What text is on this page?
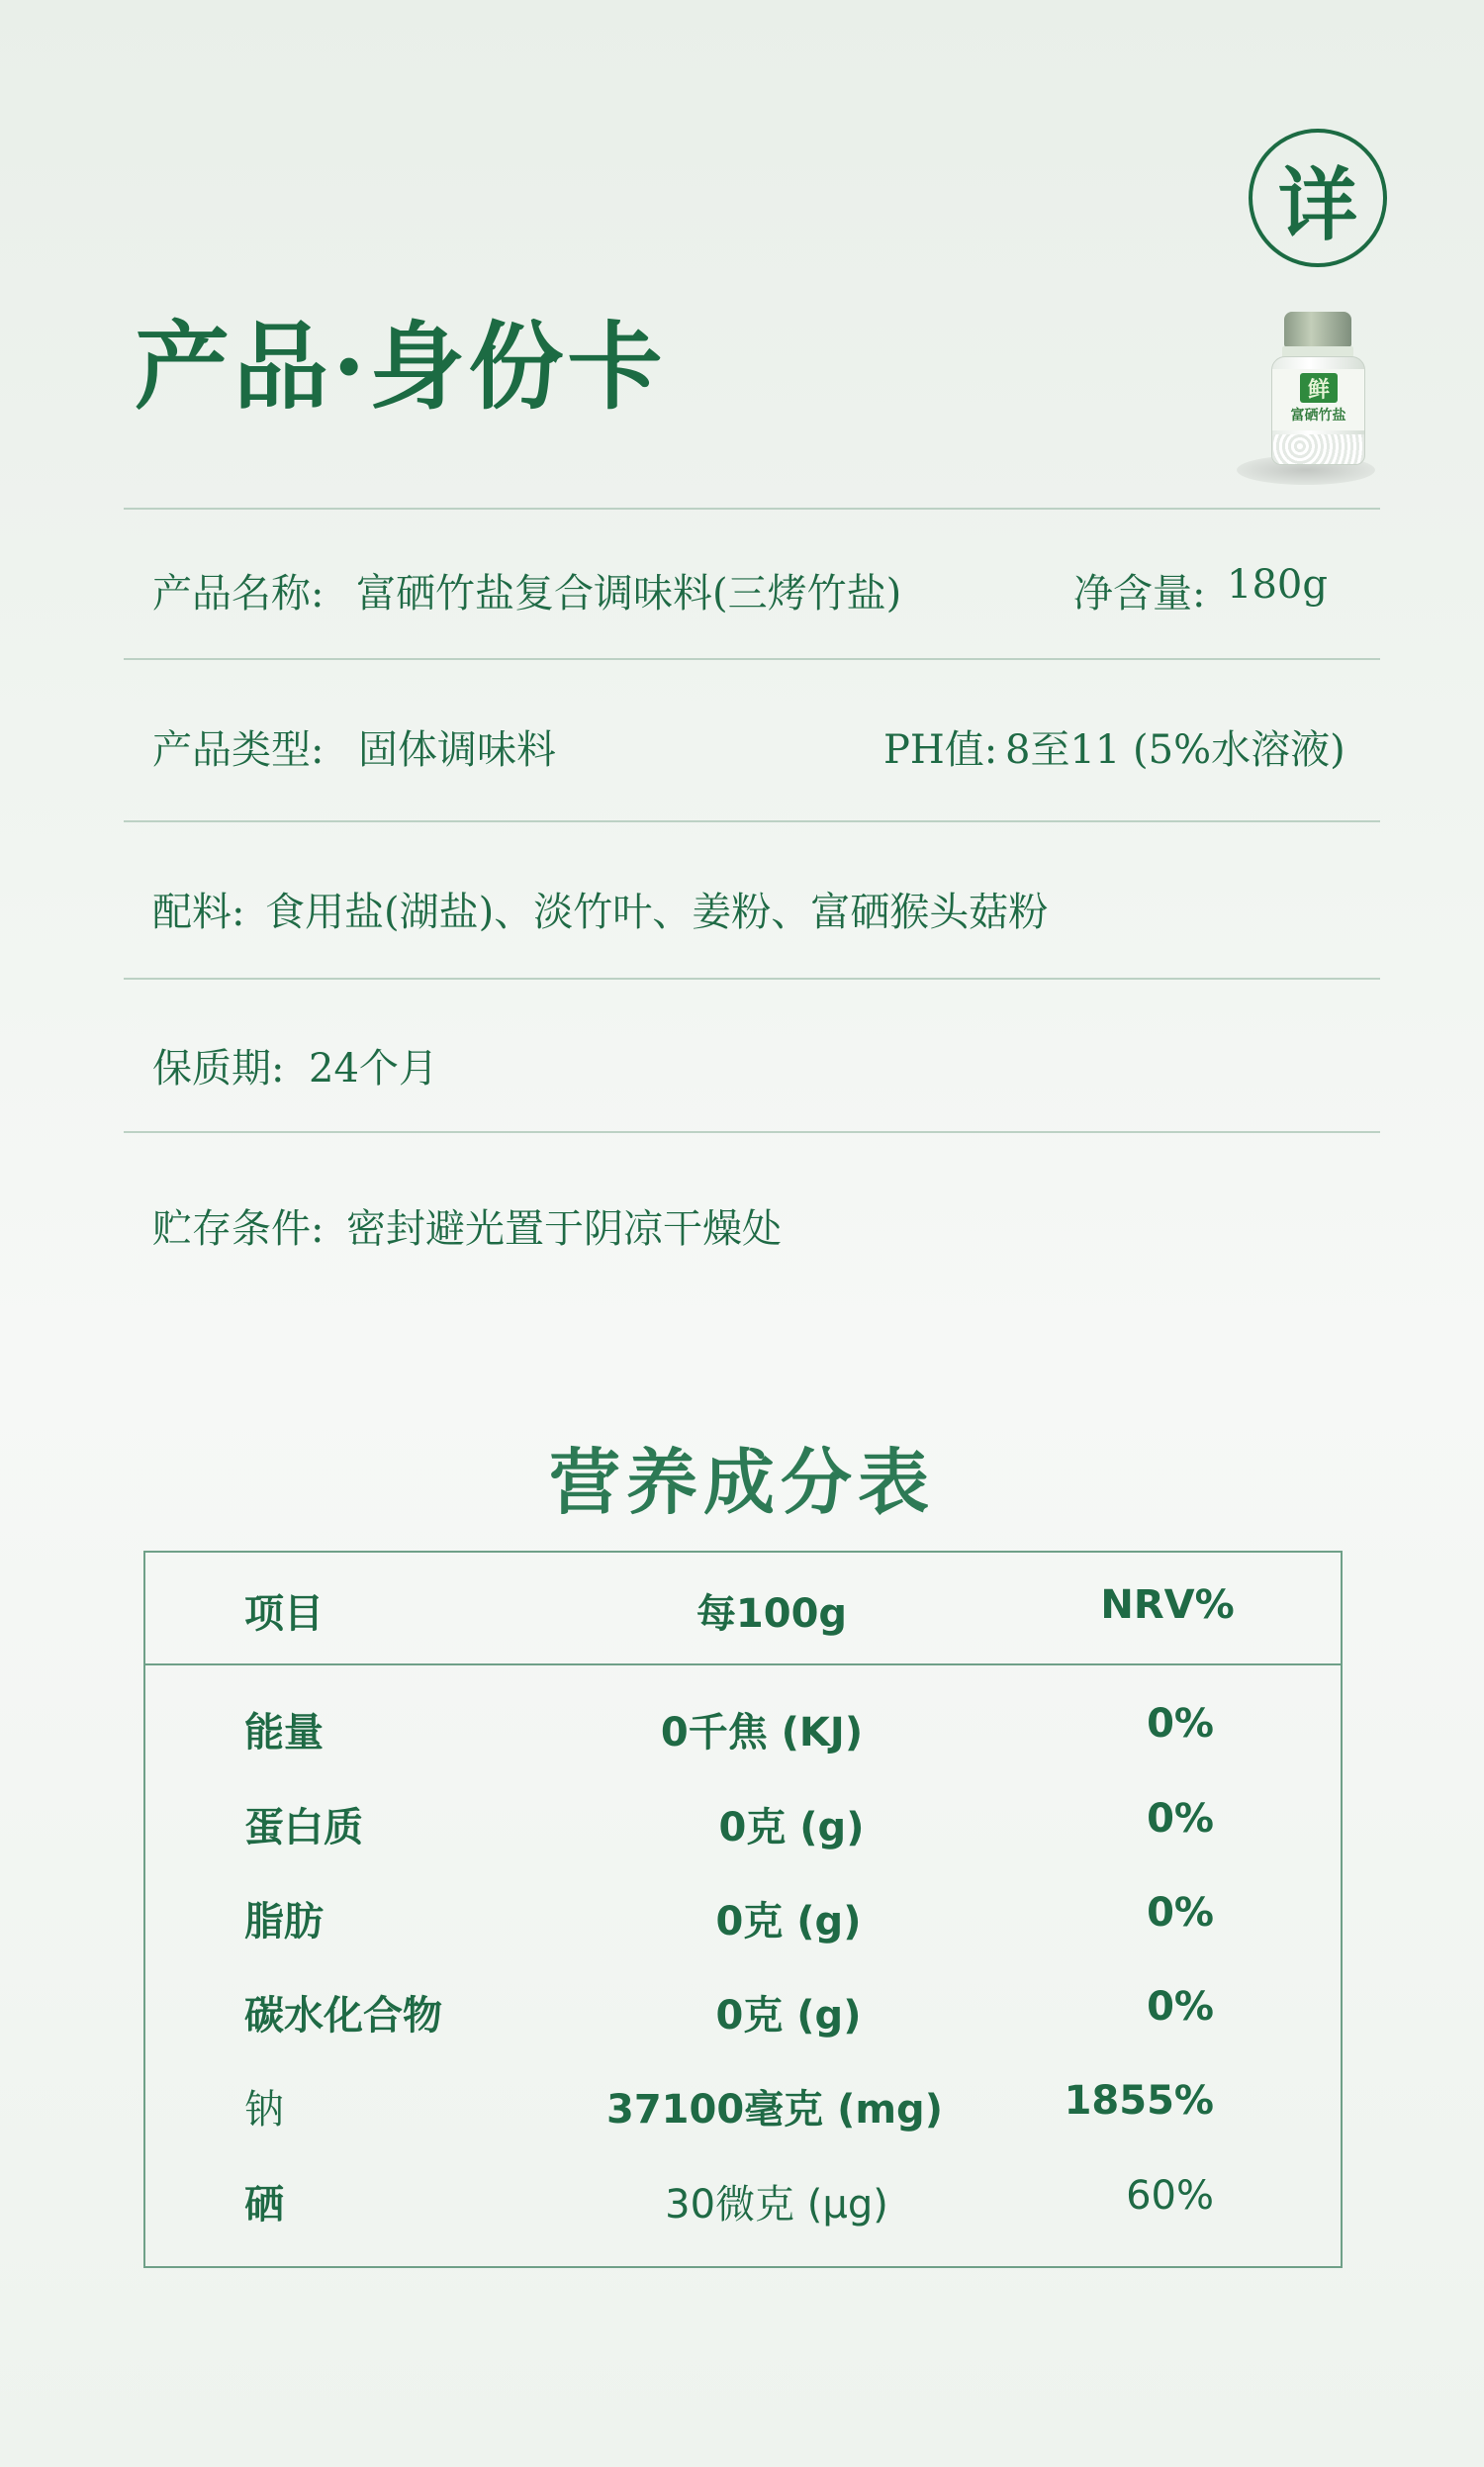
详
产品·身份卡	鲜
富硒竹盐
产品名称: 富硒竹盐复合调味料(三烤竹盐)	净含量: 180g
产品类型: 固体调味料	PH值: 8至11 (5%水溶液)
配料: 食用盐(湖盐)、淡竹叶、姜粉、富硒猴头菇粉
保质期: 24个月
贮存条件: 密封避光置于阴凉干燥处
营养成分表
项目	每100g	NRV%
能量	0千焦 (KJ)	0%
蛋白质	0克 (g)	0%
脂肪	0克 (g)	0%
碳水化合物	0克 (g)	0%
钠	37100毫克 (mg)	1855%
硒	30微克 (μg)	60%
